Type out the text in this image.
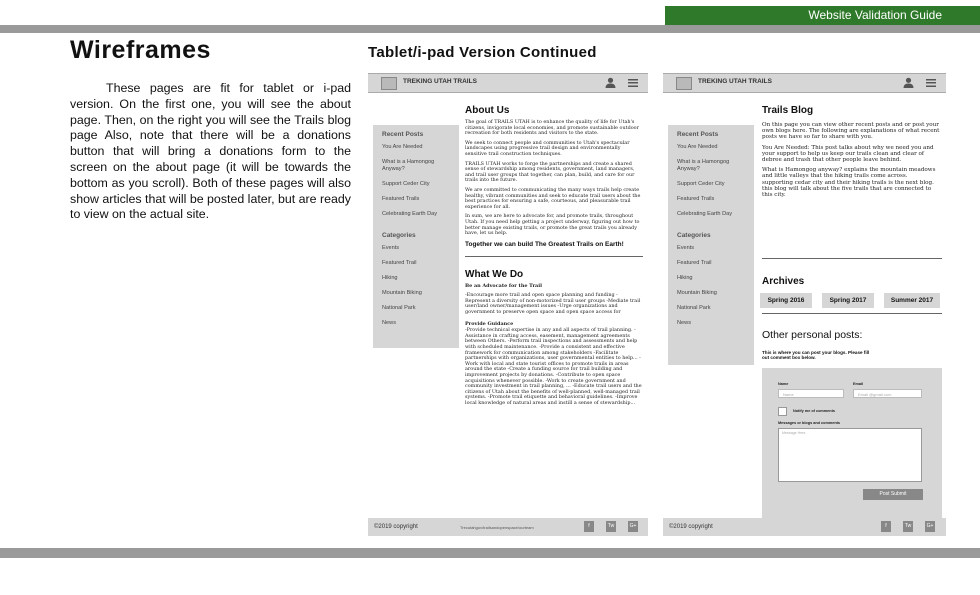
Website Validation Guide
Wireframes

These pages are fit for tablet or i-pad version. On the first one, you will see the about page. Then, on the right you will see the Trails blog page Also, note that there will be a donations button that will bring a donations form to the screen on the about page (it will be towards the bottom as you scroll). Both of these pages will also show articles that will be posted later, but are ready to view on the actual site.

Tablet/i-pad Version Continued
TREKING UTAH TRAILS
Recent Posts
You Are Needed
What is a Hamongog Anyway?
Support Ceder City
Featured Trails
Celebrating Earth Day
Categories
Events
Featured Trail
Hiking
Mountain Biking
National Park
News
About Us

The goal of TRAILS UTAH is to enhance the quality of life for Utah's citizens, invigorate local economies, and promote sustainable outdoor recreation for both residents and visitors to the state.

We seek to connect people and communities to Utah's spectacular landscapes using progressive trail design and environmentally sensitive trail construction techniques.

TRAILS UTAH works to forge the partnerships and create a shared sense of stewardship among residents, government, land managers, and trail user groups that together, can plan, build, and care for our trails into the future.

We are committed to communicating the many ways trails help create healthy, vibrant communities and seek to educate trail users about the best practices for ensuring a safe, courteous, and pleasurable trail experience for all.

In sum, we are here to advocate for, and promote trails, throughout Utah. If you need help getting a project underway, figuring out how to better manage existing trails, or promote the great trails you already have, let us help.

Together we can build The Greatest Trails on Earth!
What We Do

Be an Advocate for the Trail

-Encourage more trail and open space planning and funding -Represent a diversity of non-motorized trail user groups -Mediate trail user/land owner/management issues -Urge organizations and government to preserve open space and open space access for

Provide Guidance

-Provide technical expertise in any and all aspects of trail planning. -Assistance in crafting access, easement, management agreements between Others. -Perform trail inspections and assessments and help with scheduled maintenance. -Provide a consistent and effective framework for communication among stakeholders -Facilitate partnerships with organizations, user governmental entities to help... -Work with local and state tourist offices to promote trails in areas around the state -Create a funding source for trail building and improvement projects by donations. -Contribute to open space acquisitions whenever possible. -Work to create government and community investment in trail planning, ... -Educate trail users and the citizens of Utah about the benefits of well-planned, well-managed trail systems. -Promote trail etiquette and behavioral guidelines. -Improve local knowledge of natural areas and instill a sense of stewardship...

©2019 copyright	Trecutahgov/trailsandopenspace/ourteam	f	Tw	G+
TREKING UTAH TRAILS
Recent Posts
You Are Needed
What is a Hamongog Anyway?
Support Ceder City
Featured Trails
Celebrating Earth Day
Categories
Events
Featured Trail
Hiking
Mountain Biking
National Park
News
Trails Blog

On this page you can view other recent posts and or post your own blogs here. The following are explanations of what recent posts we have so far to share with you.

You Are Needed: This post talks about why we need you and your support to help us keep our trails clean and clear of debree and trash that other people leave behind.

What is Hamongog anyway? explains the mountain meadows and little valleys that the hiking trails come across.

supporting cedar city and their hiking trails is the next blog. this blog will talk about the five trails that are connected to this city.

Archives
Spring 2016	Spring 2017	Summer 2017
Other personal posts:

This is where you can post your blogs. Please fill out comment box below.

Name
Name
Email
Email @gmail.com
Notify me of comments
Messages or blogs and comments
Message Here.
Post Submit
©2019 copyright	f	Tw	G+
